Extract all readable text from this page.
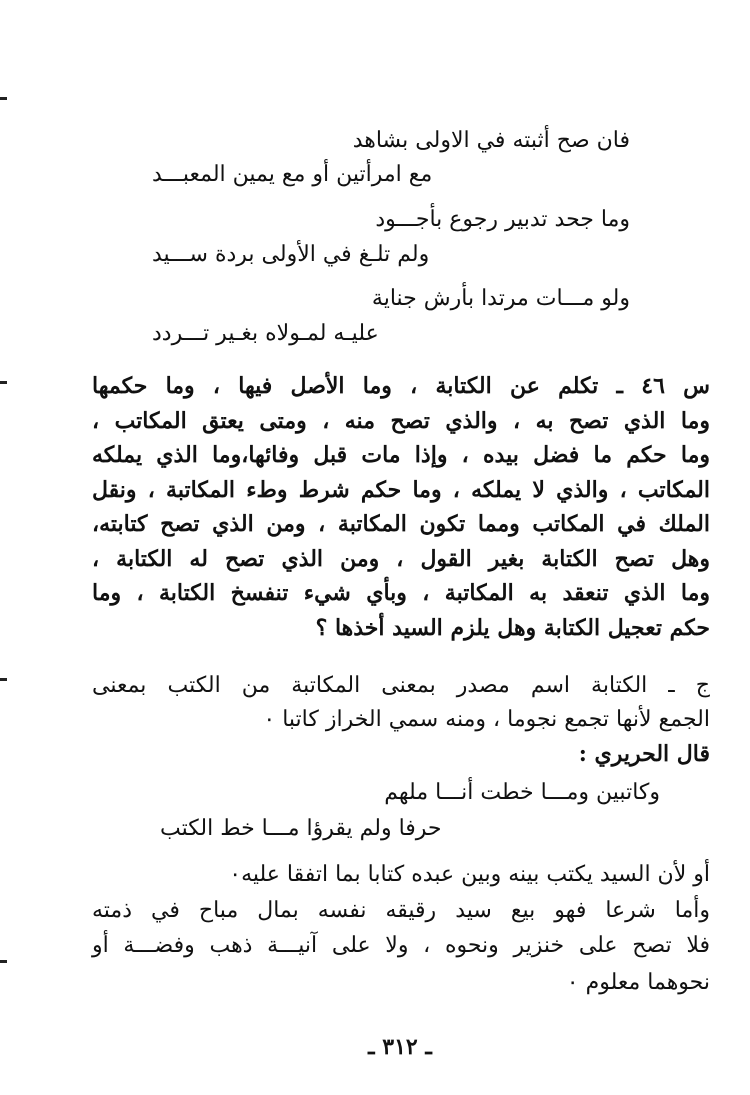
فان صح أثبته في الاولى بشاهد
مع امرأتين أو مع يمين المعبـــد
وما جحد تدبير رجوع بأجـــود
ولم تلـغ في الأولى بردة ســـيد
ولو مـــات مرتدا بأرش جناية
عليـه لمـولاه بغـير تـــردد
س ٤٦ ـ تكلم عن الكتابة ، وما الأصل فيها ، وما حكمها
وما الذي تصح به ، والذي تصح منه ، ومتى يعتق المكاتب ،
وما حكم ما فضل بيده ، وإذا مات قبل وفائها،وما الذي يملكه
المكاتب ، والذي لا يملكه ، وما حكم شرط وطء المكاتبة ، ونقل
الملك في المكاتب ومما تكون المكاتبة ، ومن الذي تصح كتابته،
وهل تصح الكتابة بغير القول ، ومن الذي تصح له الكتابة ،
وما الذي تنعقد به المكاتبة ، وبأي شيء تنفسخ الكتابة ، وما
حكم تعجيل الكتابة وهل يلزم السيد أخذها ؟
ج ـ الكتابة اسم مصدر بمعنى المكاتبة من الكتب بمعنى
الجمع لأنها تجمع نجوما ، ومنه سمي الخراز كاتبا ٠
قال الحريري :
وكاتبين ومـــا خطت أنـــا ملهم
حرفا ولم يقرؤا مـــا خط الكتب
أو لأن السيد يكتب بينه وبين عبده كتابا بما اتفقا عليه٠
وأما شرعا فهو بيع سيد رقيقه نفسه بمال مباح في ذمته
فلا تصح على خنزير ونحوه ، ولا على آنيـــة ذهب وفضـــة أو
نحوهما معلوم ٠
ـ ٣١٢ ـ
